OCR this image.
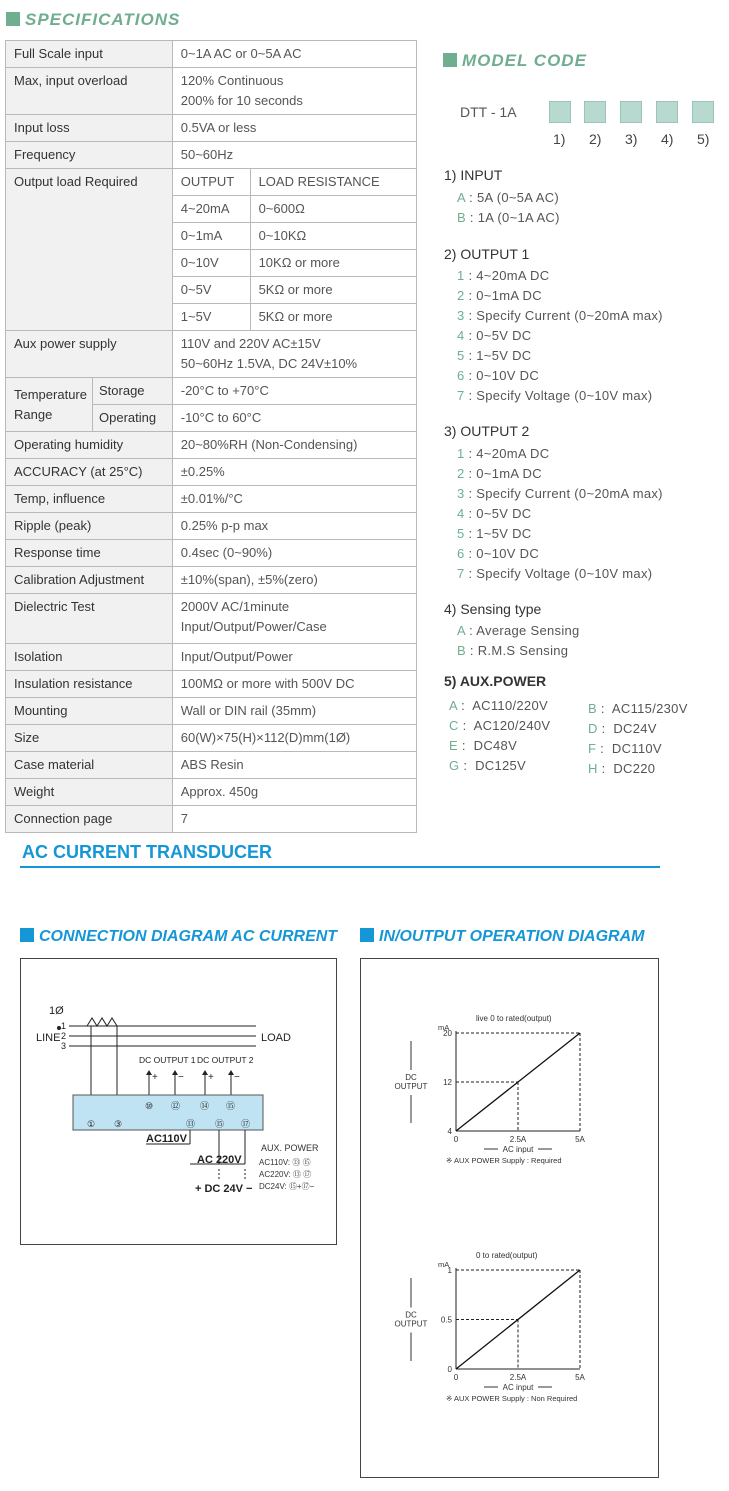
SPECIFICATIONS
Full Scale input		0~1A AC or 0~5A AC	
Max, input overload		120% Continuous
200% for 10 seconds	

Input loss		0.5VA or less	
Frequency		50~60Hz	
Output load Required		OUTPUT	LOAD RESISTANCE
		4~20mA	0~600Ω
		0~1mA	0~10KΩ
		0~10V	10KΩ or more
		0~5V	5KΩ or more
		1~5V	5KΩ or more
Aux power supply		110V and 220V AC±15V
50~60Hz 1.5VA, DC 24V±10%	

Temperature Range	Storage	-20°C to +70°C	
	Operating	-10°C to 60°C	
Operating humidity		20~80%RH (Non-Condensing)	
ACCURACY (at 25°C)		±0.25%	
Temp, influence		±0.01%/°C	
Ripple (peak)		0.25% p-p max	
Response time		0.4sec (0~90%)	
Calibration Adjustment		±10%(span), ±5%(zero)	
Dielectric Test		2000V AC/1minute
Input/Output/Power/Case	

Isolation		Input/Output/Power	
Insulation resistance		100MΩ or more with 500V DC	
Mounting		Wall or DIN rail (35mm)	
Size		60(W)×75(H)×112(D)mm(1Ø)	
Case material		ABS Resin	
Weight		Approx. 450g	
Connection page		7	
MODEL CODE
DTT - 1A
1) 2) 3) 4) 5)
1) INPUT
A : 5A (0~5A AC)
B : 1A (0~1A AC)
2) OUTPUT 1
1 : 4~20mA DC
2 : 0~1mA DC
3 : Specify Current (0~20mA max)
4 : 0~5V DC
5 : 1~5V DC
6 : 0~10V DC
7 : Specify Voltage (0~10V max)
3) OUTPUT 2
1 : 4~20mA DC
2 : 0~1mA DC
3 : Specify Current (0~20mA max)
4 : 0~5V DC
5 : 1~5V DC
6 : 0~10V DC
7 : Specify Voltage (0~10V max)
4) Sensing type
A : Average Sensing
B : R.M.S Sensing
5) AUX.POWER
A :  AC110/220V
C :  AC120/240V
E :  DC48V
G :  DC125V
B :  AC115/230V
D :  DC24V
F :  DC110V
H :  DC220
AC CURRENT TRANSDUCER
CONNECTION DIAGRAM AC CURRENT	IN/OUTPUT OPERATION DIAGRAM
1Ø
LINE
1
2
3
LOAD
DC OUTPUT 1 DC OUTPUT 2
+ − + −
⑩ ⑫ ⑭ ⑮
① ③	⑬ ⑮ ⑰
AC110V
AC 220V
+ DC 24V −
AUX. POWER
AC110V: ⑬ ⑮
AC220V: ⑬ ⑰
DC24V: ⑮+⑰−
live 0 to rated(output)
mA
4
12
20
0	2.5A	5A
AC input
DC
OUTPUT
※ AUX POWER Supply : Required
0 to rated(output)
mA
0
0.5
1
0	2.5A	5A
AC input
DC
OUTPUT
※ AUX POWER Supply : Non Required
